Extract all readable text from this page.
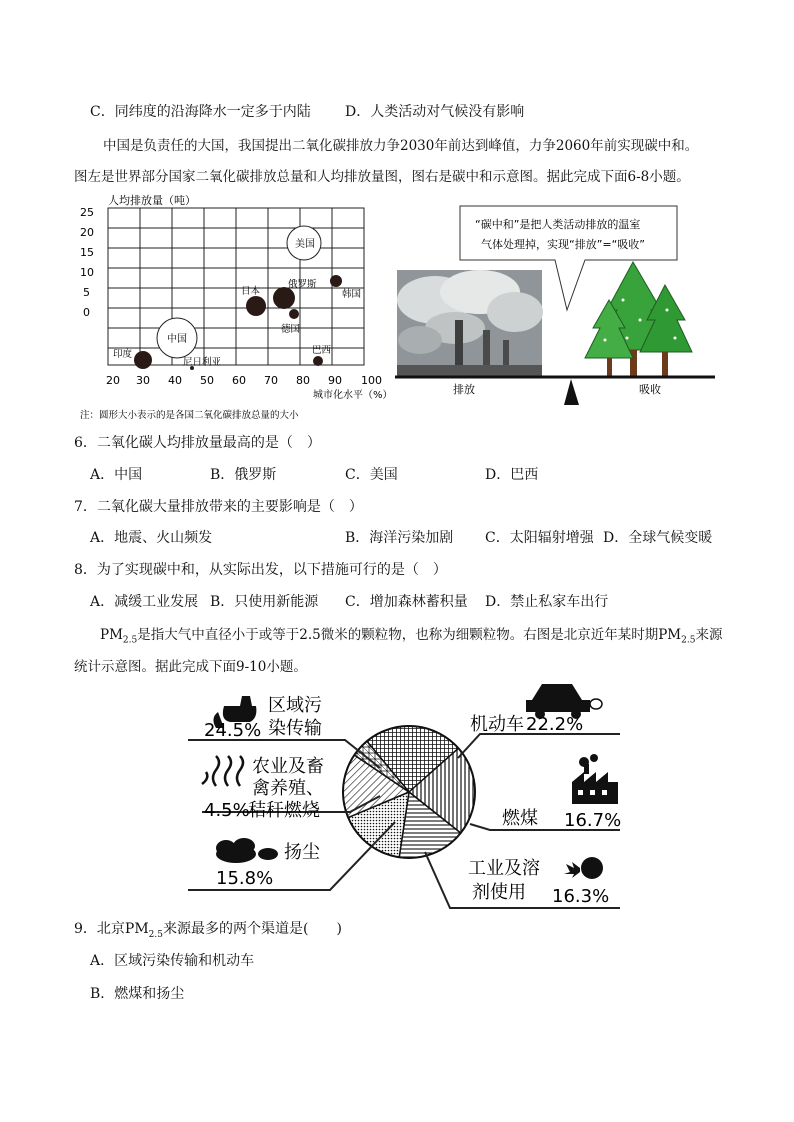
C．同纬度的沿海降水一定多于内陆 D．人类活动对气候没有影响
中国是负责任的大国，我国提出二氧化碳排放力争2030年前达到峰值，力争2060年前实现碳中和。
图左是世界部分国家二氧化碳排放总量和人均排放量图，图右是碳中和示意图。据此完成下面6-8小题。
人均排放量（吨）
25
20
15
10
5
0
20 30 40 50 60 70 80 90 100
城市化水平（%）
美国
俄罗斯
韩国
日本
德国
中国
印度
尼日利亚
巴西
注：圆形大小表示的是各国二氧化碳排放总量的大小
“碳中和”是把人类活动排放的温室
气体处理掉，实现“排放”=“吸收”
排放	吸收
6．二氧化碳人均排放量最高的是（　）
A．中国	B．俄罗斯	C．美国	D．巴西
7．二氧化碳大量排放带来的主要影响是（　）
A．地震、火山频发	B．海洋污染加剧 C．太阳辐射增强 D．全球气候变暖
8．为了实现碳中和，从实际出发，以下措施可行的是（　）
A．减缓工业发展 B．只使用新能源 C．增加森林蓄积量 D．禁止私家车出行
$PM_{2.5}$是指大气中直径小于或等于2.5微米的颗粒物，也称为细颗粒物。右图是北京近年某时期$PM_{2.5}$来源
统计示意图。据此完成下面9-10小题。
区域污
染传输
24.5%	机动车 22.2%
农业及畜
禽养殖、
秸秆燃烧
4.5%	燃煤 16.7%
扬尘
15.8%	工业及溶
剂使用 16.3%
9．北京$PM_{2.5}$来源最多的两个渠道是(　　)
A．区域污染传输和机动车
B．燃煤和扬尘
